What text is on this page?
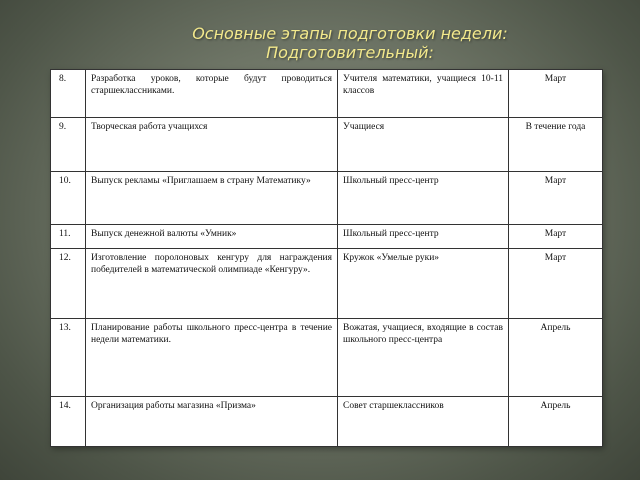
Основные этапы подготовки недели:
Подготовительный:
8.	Разработка уроков, которые будут проводиться старшеклассниками.	Учителя математики, учащиеся 10-11 классов	Март
9.	Творческая работа учащихся	Учащиеся	В течение года
10.	Выпуск рекламы «Приглашаем в страну Математику»	Школьный пресс-центр	Март
11.	Выпуск денежной валюты «Умник»	Школьный пресс-центр	Март
12.	Изготовление поролоновых кенгуру для награждения победителей в математической олимпиаде «Кенгуру».	Кружок «Умелые руки»	Март
13.	Планирование работы школьного пресс-центра в течение недели математики.	Вожатая, учащиеся, входящие в состав школьного пресс-центра	Апрель
14.	Организация работы магазина «Призма»	Совет старшеклассников	Апрель
